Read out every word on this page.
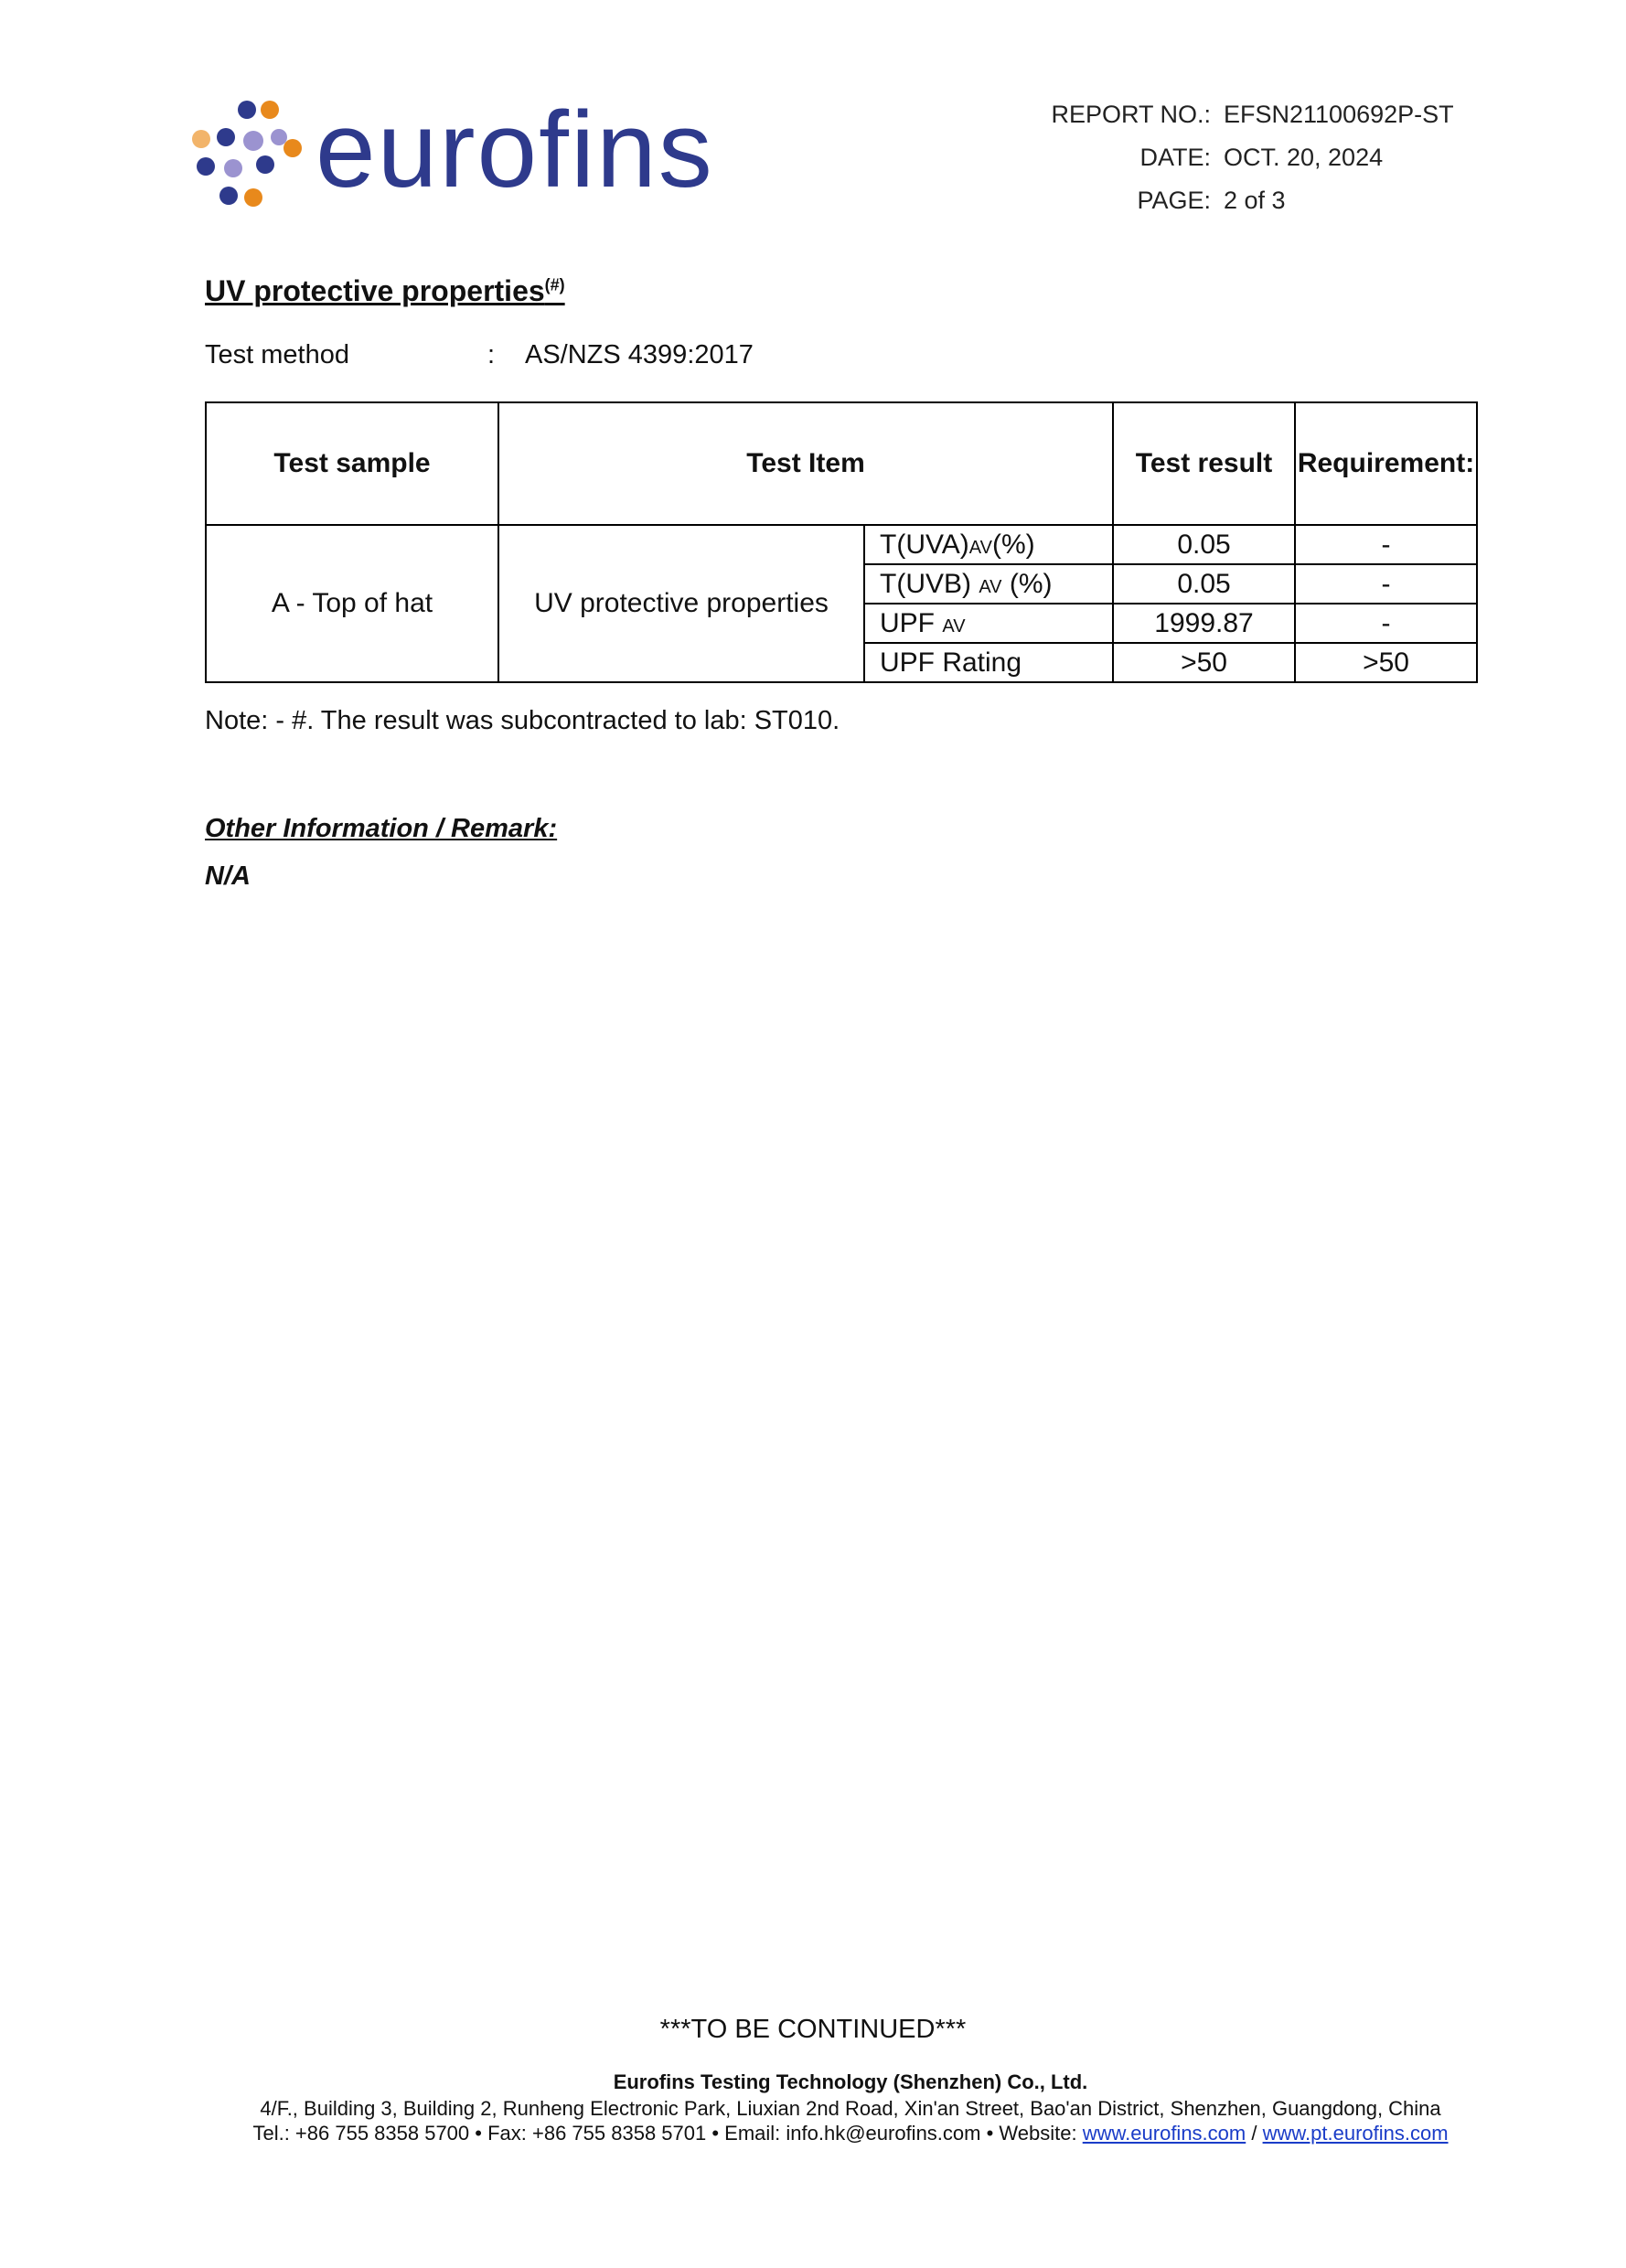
eurofins	REPORT NO.: EFSN21100692P-ST
DATE: OCT. 20, 2024
PAGE: 2 of 3
UV protective properties(#)
Test method	: AS/NZS 4399:2017
Test sample	Test Item		Test result	Requirement:
A - Top of hat	UV protective properties	T(UVA)AV(%)	0.05	-
		T(UVB) AV (%)	0.05	-
		UPF AV	1999.87	-
		UPF Rating	>50	>50
Note: - #. The result was subcontracted to lab: ST010.
Other Information / Remark:
N/A
***TO BE CONTINUED***
Eurofins Testing Technology (Shenzhen) Co., Ltd.
4/F., Building 3, Building 2, Runheng Electronic Park, Liuxian 2nd Road, Xin'an Street, Bao'an District, Shenzhen, Guangdong, China
Tel.: +86 755 8358 5700 • Fax: +86 755 8358 5701 • Email: info.hk@eurofins.com • Website: www.eurofins.com / www.pt.eurofins.com
